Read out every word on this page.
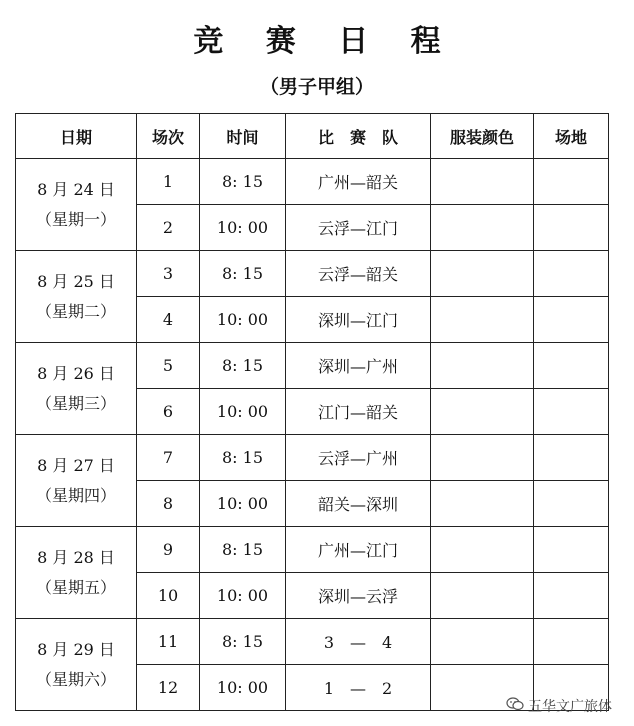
竞 赛 日 程
（男子甲组）
日期	场次	时间	比　赛　队	服装颜色	场地

8 月 24 日
（星期一）	1	8: 15	广州—韶关		
	2	10: 00	云浮—江门		

8 月 25 日
（星期二）	3	8: 15	云浮—韶关		
	4	10: 00	深圳—江门		

8 月 26 日
（星期三）	5	8: 15	深圳—广州		
	6	10: 00	江门—韶关		

8 月 27 日
（星期四）	7	8: 15	云浮—广州		
	8	10: 00	韶关—深圳		

8 月 28 日
（星期五）	9	8: 15	广州—江门		
	10	10: 00	深圳—云浮		

8 月 29 日
（星期六）	11	8: 15	3　—　4		
	12	10: 00	1　—　2		
五华文广旅体
